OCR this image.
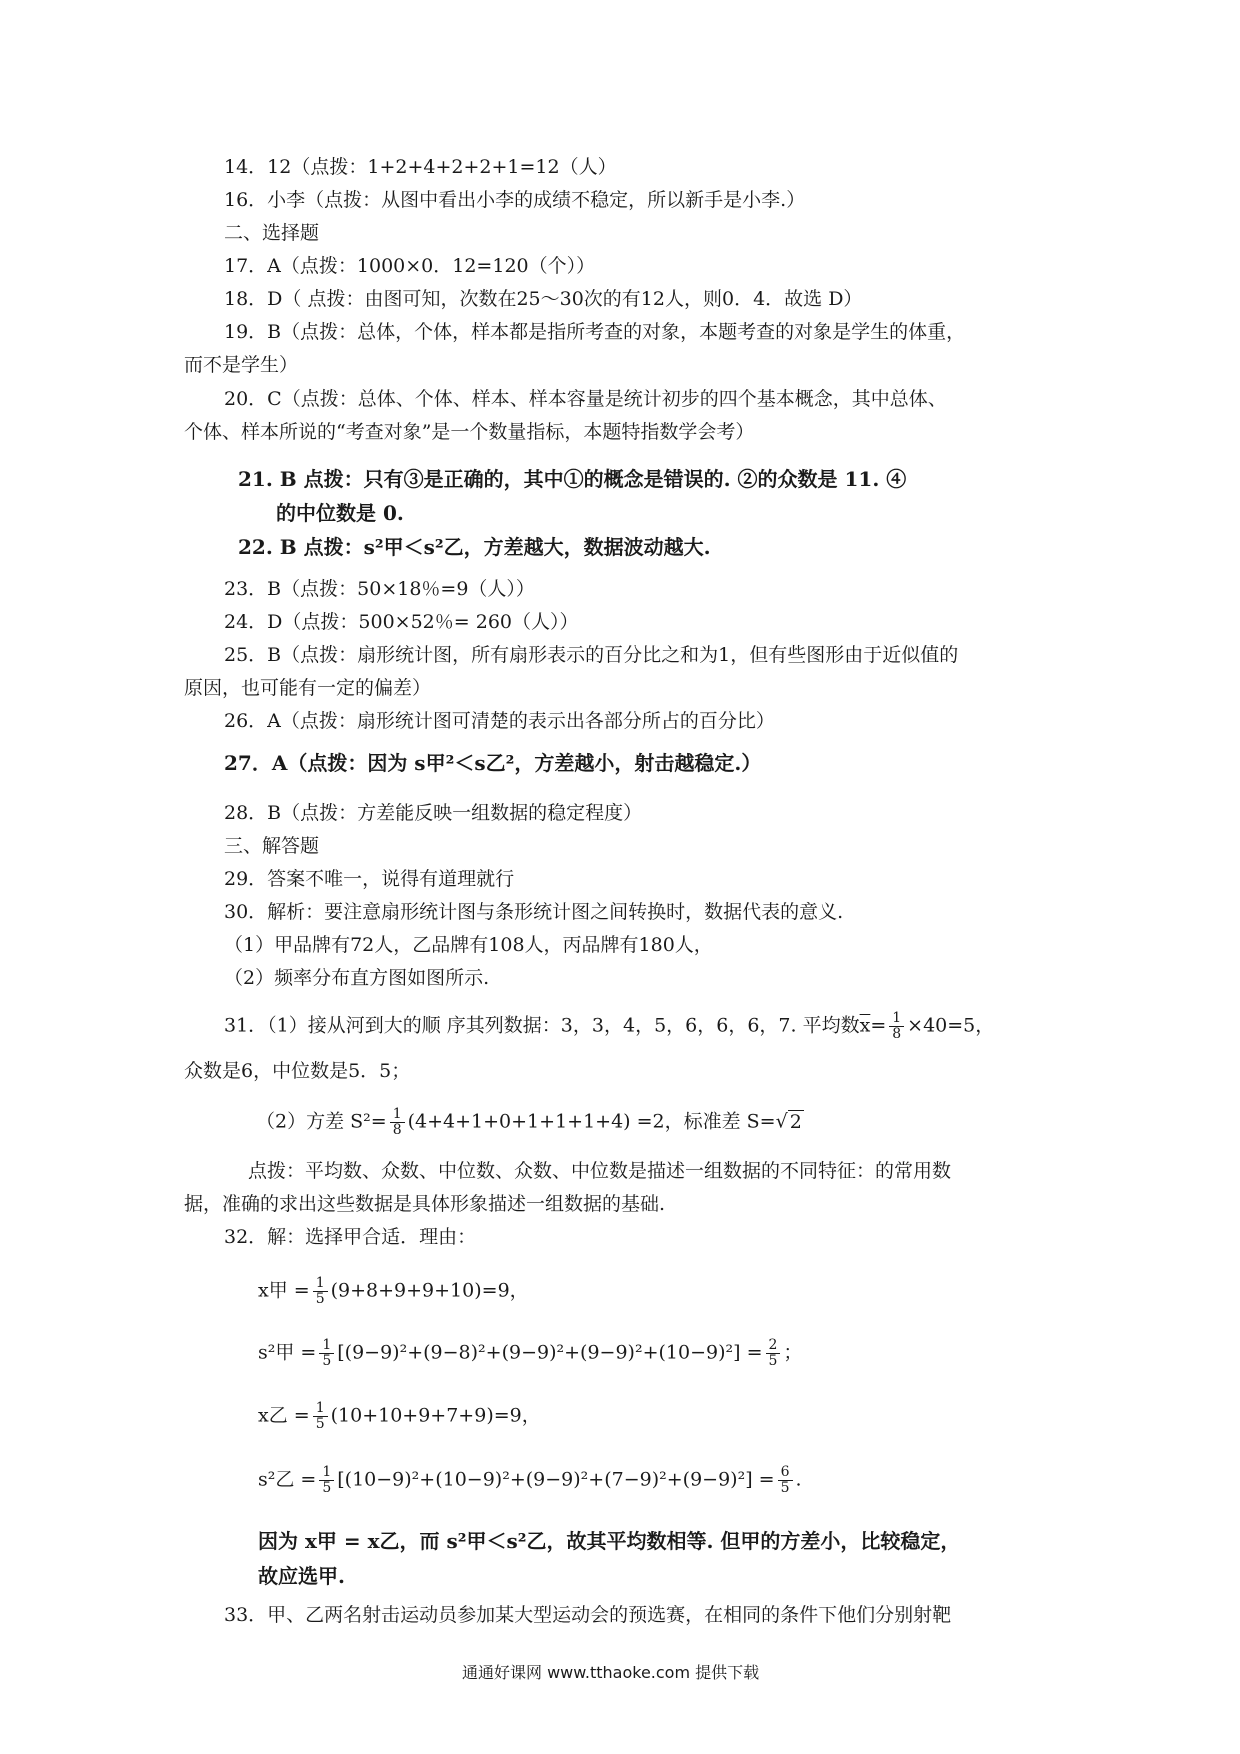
14．12（点拨：1+2+4+2+2+1=12（人）
16．小李（点拨：从图中看出小李的成绩不稳定，所以新手是小李.）
二、选择题
17．A（点拨：1000×0．12=120（个））
18．D（ 点拨：由图可知，次数在25～30次的有12人，则0．4．故选 D）
19．B（点拨：总体，个体，样本都是指所考查的对象，本题考查的对象是学生的体重，
而不是学生）
20．C（点拨：总体、个体、样本、样本容量是统计初步的四个基本概念，其中总体、
个体、样本所说的“考查对象”是一个数量指标，本题特指数学会考）
21. B 点拨：只有③是正确的，其中①的概念是错误的. ②的众数是 11. ④
的中位数是 0.
22. B 点拨：s²甲＜s²乙，方差越大，数据波动越大.
23．B（点拨：50×18％=9（人））
24．D（点拨：500×52％= 260（人））
25．B（点拨：扇形统计图，所有扇形表示的百分比之和为1，但有些图形由于近似值的
原因，也可能有一定的偏差）
26．A（点拨：扇形统计图可清楚的表示出各部分所占的百分比）
27．A（点拨：因为 s甲²＜s乙²，方差越小，射击越稳定.）
28．B（点拨：方差能反映一组数据的稳定程度）
三、解答题
29．答案不唯一，说得有道理就行
30．解析：要注意扇形统计图与条形统计图之间转换时，数据代表的意义.
（1）甲品牌有72人，乙品牌有108人，丙品牌有180人，
（2）频率分布直方图如图所示.
31．（1）接从河到大的顺 序其列数据：3，3，4，5，6，6，6，7. 平均数$\overline{x}= \frac{1}{8} \times 40=5$，
众数是6，中位数是5．5；
（2）方差 $S^2= \frac{1}{8} (4+4+1+0+1+1+1+4) =2$，标准差 S=√ 2
点拨：平均数、众数、中位数、众数、中位数是描述一组数据的不同特征：的常用数
据，准确的求出这些数据是具体形象描述一组数据的基础.
32．解：选择甲合适．理由：
x甲 = $\frac{1}{5} (9+8+9+9+10)=9$，
s²甲 = $\frac{1}{5} [(9-9)^2+(9-8)^2+(9-9)^2+(9-9)^2+(10-9)^2] = \frac{2}{5}$ ；
x乙 = $\frac{1}{5} (10+10+9+7+9)=9$，
s²乙 = $\frac{1}{5} [(10-9)^2+(10-9)^2+(9-9)^2+(7-9)^2+(9-9)^2] = \frac{6}{5}$ .
因为 x甲 = x乙，而 s²甲＜s²乙，故其平均数相等. 但甲的方差小，比较稳定，
故应选甲.
33．甲、乙两名射击运动员参加某大型运动会的预选赛，在相同的条件下他们分别射靶
通通好课网 www.tthaoke.com 提供下载
